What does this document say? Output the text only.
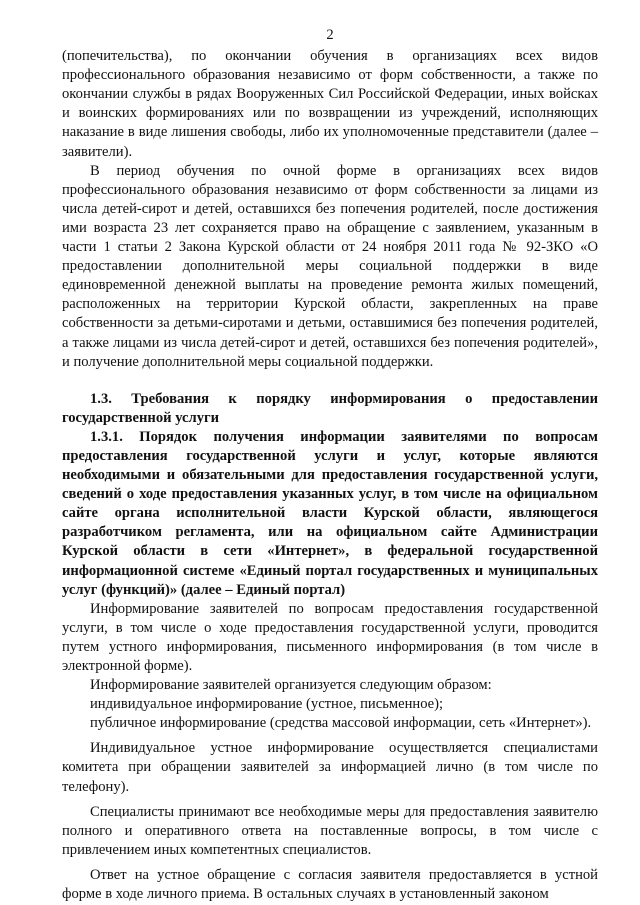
2

(попечительства), по окончании обучения в организациях всех видов профессионального образования независимо от форм собственности, а также по окончании службы в рядах Вооруженных Сил Российской Федерации, иных войсках и воинских формированиях или по возвращении из учреждений, исполняющих наказание в виде лишения свободы, либо их уполномоченные представители (далее – заявители).

В период обучения по очной форме в организациях всех видов профессионального образования независимо от форм собственности за лицами из числа детей-сирот и детей, оставшихся без попечения родителей, после достижения ими возраста 23 лет сохраняется право на обращение с заявлением, указанным в части 1 статьи 2 Закона Курской области от 24 ноября 2011 года № 92-ЗКО «О предоставлении дополнительной меры социальной поддержки в виде единовременной денежной выплаты на проведение ремонта жилых помещений, расположенных на территории Курской области, закрепленных на праве собственности за детьми-сиротами и детьми, оставшимися без попечения родителей, а также лицами из числа детей-сирот и детей, оставшихся без попечения родителей», и получение дополнительной меры социальной поддержки.

1.3. Требования к порядку информирования о предоставлении государственной услуги

1.3.1. Порядок получения информации заявителями по вопросам предоставления государственной услуги и услуг, которые являются необходимыми и обязательными для предоставления государственной услуги, сведений о ходе предоставления указанных услуг, в том числе на официальном сайте органа исполнительной власти Курской области, являющегося разработчиком регламента, или на официальном сайте Администрации Курской области в сети «Интернет», в федеральной государственной информационной системе «Единый портал государственных и муниципальных услуг (функций)» (далее – Единый портал)

Информирование заявителей по вопросам предоставления государственной услуги, в том числе о ходе предоставления государственной услуги, проводится путем устного информирования, письменного информирования (в том числе в электронной форме).

Информирование заявителей организуется следующим образом:

индивидуальное информирование (устное, письменное);

публичное информирование (средства массовой информации, сеть «Интернет»).

Индивидуальное устное информирование осуществляется специалистами комитета при обращении заявителей за информацией лично (в том числе по телефону).

Специалисты принимают все необходимые меры для предоставления заявителю полного и оперативного ответа на поставленные вопросы, в том числе с привлечением иных компетентных специалистов.

Ответ на устное обращение с согласия заявителя предоставляется в устной форме в ходе личного приема. В остальных случаях в установленный законом
